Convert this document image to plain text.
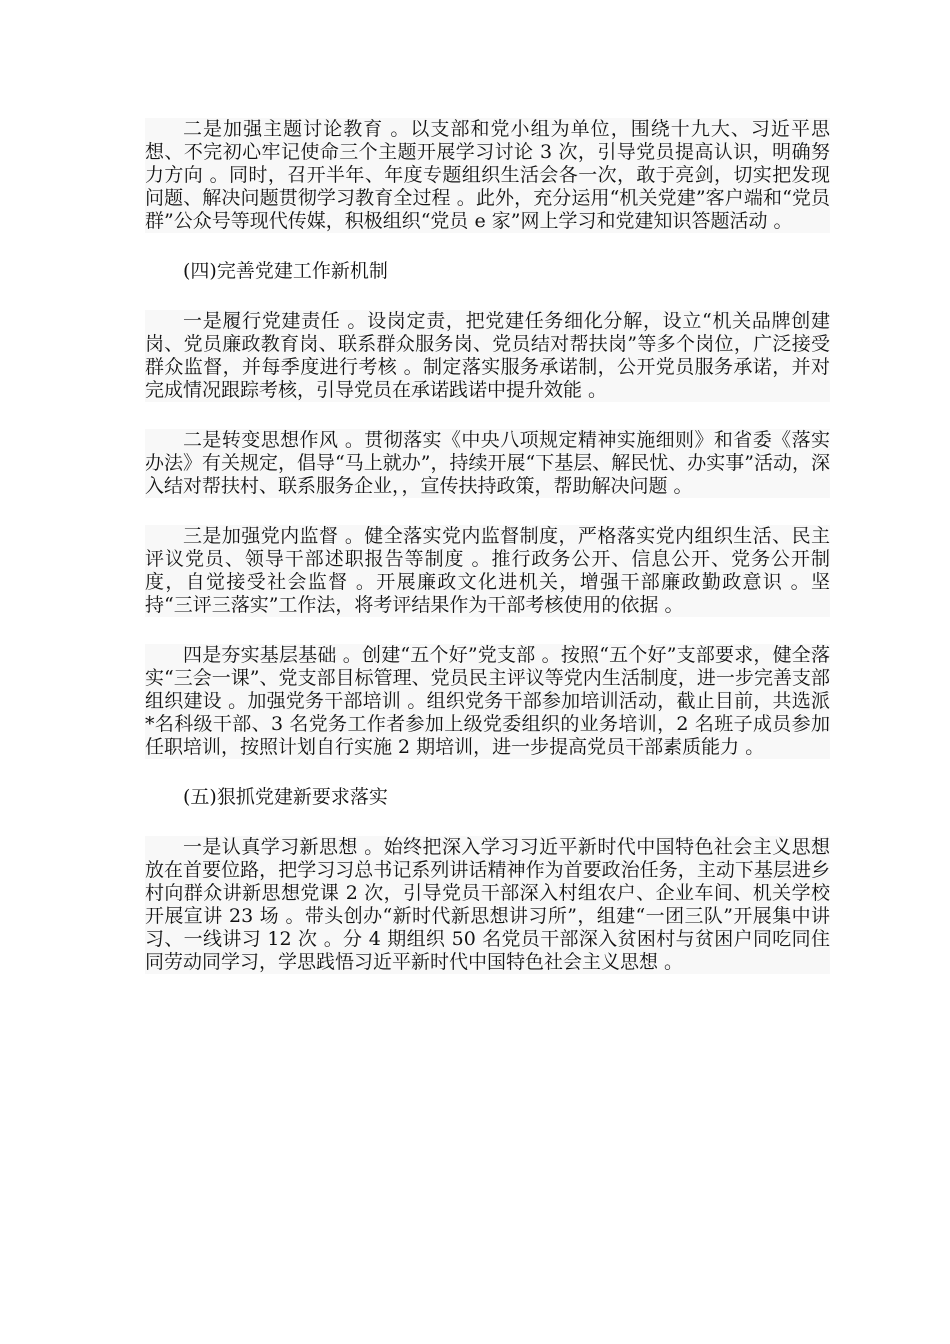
二是加强主题讨论教育 。以支部和党小组为单位，围绕十九大、习近平思想、不完初心牢记使命三个主题开展学习讨论 3 次，引导党员提高认识，明确努力方向 。同时，召开半年、年度专题组织生活会各一次，敢于亮剑，切实把发现问题、解决问题贯彻学习教育全过程 。此外，充分运用“机关党建”客户端和“党员群”公众号等现代传媒，积极组织“党员 e 家”网上学习和党建知识答题活动 。

(四)完善党建工作新机制

一是履行党建责任 。设岗定责，把党建任务细化分解，设立“机关品牌创建岗、党员廉政教育岗、联系群众服务岗、党员结对帮扶岗”等多个岗位，广泛接受群众监督，并每季度进行考核 。制定落实服务承诺制，公开党员服务承诺，并对完成情况跟踪考核，引导党员在承诺践诺中提升效能 。

二是转变思想作风 。贯彻落实《中央八项规定精神实施细则》和省委《落实办法》有关规定，倡导“马上就办”，持续开展“下基层、解民忧、办实事”活动，深入结对帮扶村、联系服务企业，，宣传扶持政策，帮助解决问题 。

三是加强党内监督 。健全落实党内监督制度，严格落实党内组织生活、民主评议党员、领导干部述职报告等制度 。推行政务公开、信息公开、党务公开制度，自觉接受社会监督 。开展廉政文化进机关，增强干部廉政勤政意识 。坚持“三评三落实”工作法，将考评结果作为干部考核使用的依据 。

四是夯实基层基础 。创建“五个好”党支部 。按照“五个好”支部要求，健全落实“三会一课”、党支部目标管理、党员民主评议等党内生活制度，进一步完善支部组织建设 。加强党务干部培训 。组织党务干部参加培训活动，截止目前，共选派*名科级干部、3 名党务工作者参加上级党委组织的业务培训，2 名班子成员参加任职培训，按照计划自行实施 2 期培训，进一步提高党员干部素质能力 。

(五)狠抓党建新要求落实

一是认真学习新思想 。始终把深入学习习近平新时代中国特色社会主义思想放在首要位路，把学习习总书记系列讲话精神作为首要政治任务，主动下基层进乡村向群众讲新思想党课 2 次，引导党员干部深入村组农户、企业车间、机关学校开展宣讲 23 场 。带头创办“新时代新思想讲习所”，组建“一团三队”开展集中讲习、一线讲习 12 次 。分 4 期组织 50 名党员干部深入贫困村与贫困户同吃同住同劳动同学习，学思践悟习近平新时代中国特色社会主义思想 。
